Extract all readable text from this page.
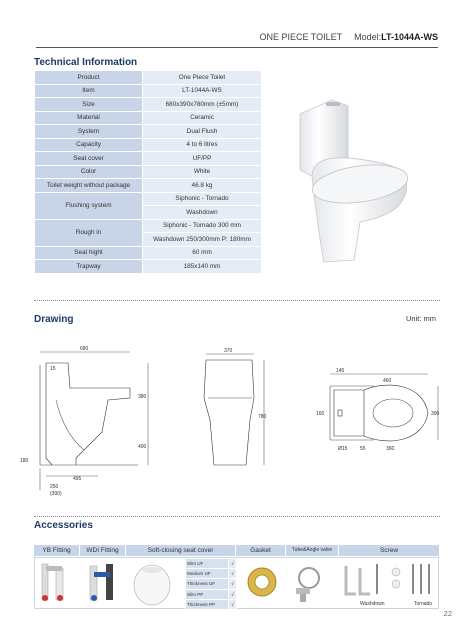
ONE PIECE TOILET Model:LT-1044A-WS
Technical Information
Product	One Piece Toilet
Item	LT-1044A-WS
Size	680x390x780mm (±5mm)
Material	Ceramic
System	Dual Flush
Capacity	4 to 6 litres
Seat cover	UF/PP
Color	White
Toilet weight without package	46.8 kg
Flushing system	Siphonic - Tornado
	Washdown
Rough in	Siphonic - Tornado 300 mm
	Washdown 250/300mm P: 180mm
Seal hight	60 mm
Trapway	185x140 mm
Drawing	Unit: mm
680
15
380
400
180
495
250
(300)
370
780
145
460
160	390
Ø15	55	360
Accessories
YB Fitting	WDI Fitting	Soft-closing seat cover	Gasket	Tube&Angle valve	Screw
Slim UF	√
Medium UF	√
Thickness UF	√
Slim PP	√
Thickness PP	√	Washdown	Tornado
22
